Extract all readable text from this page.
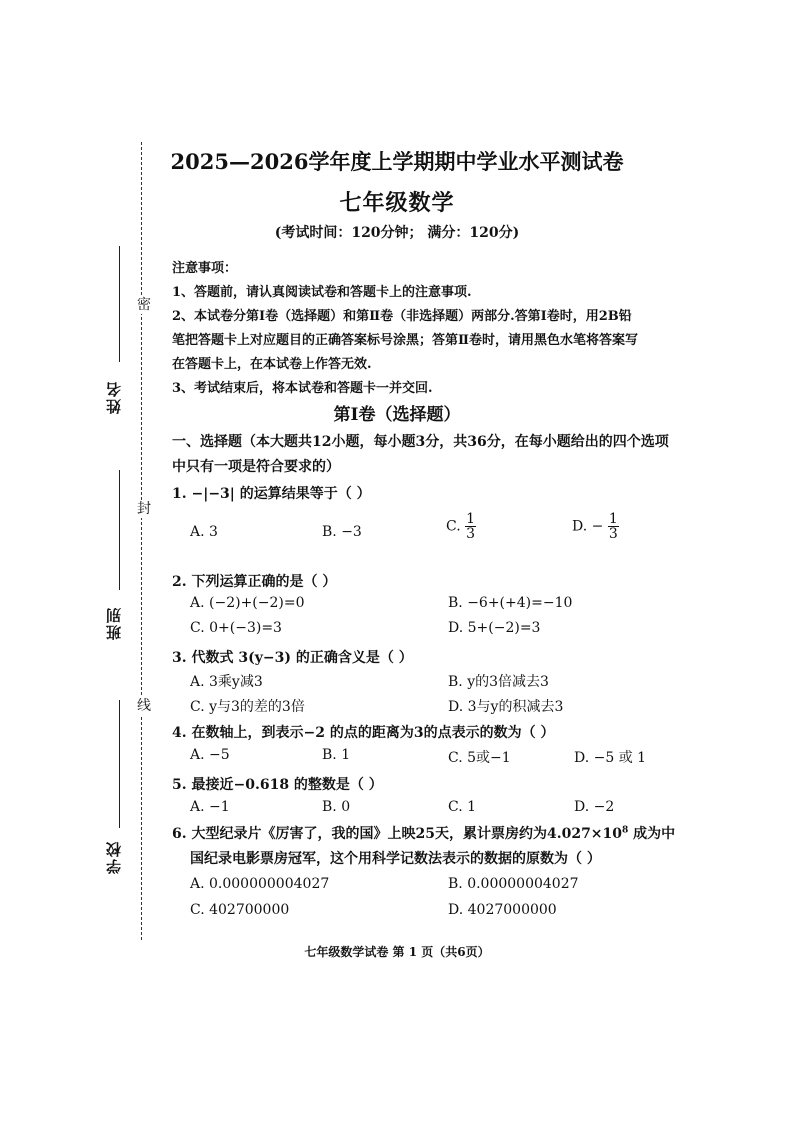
密
封
线
姓名
班别
学校
2025—2026学年度上学期期中学业水平测试卷
七年级数学
(考试时间：120分钟； 满分：120分)
注意事项：
1、答题前，请认真阅读试卷和答题卡上的注意事项.
2、本试卷分第Ⅰ卷（选择题）和第Ⅱ卷（非选择题）两部分.答第Ⅰ卷时，用2B铅
笔把答题卡上对应题目的正确答案标号涂黑；答第Ⅱ卷时，请用黑色水笔将答案写
在答题卡上，在本试卷上作答无效.
3、考试结束后，将本试卷和答题卡一并交回.
第Ⅰ卷（选择题）
一、选择题（本大题共12小题，每小题3分，共36分，在每小题给出的四个选项
中只有一项是符合要求的）
1. −|−3| 的运算结果等于（ ）
A. 3	B. −3	C. $\frac{1}{3}$	D. − $\frac{1}{3}$
2. 下列运算正确的是（ ）
A. (−2)+(−2)=0	B. −6+(+4)=−10
C. 0+(−3)=3	D. 5+(−2)=3
3. 代数式 3(y−3) 的正确含义是（ ）
A. 3乘y减3	B. y的3倍减去3
C. y与3的差的3倍	D. 3与y的积减去3
4. 在数轴上，到表示−2 的点的距离为3的点表示的数为（ ）
A. −5	B. 1	C. 5或−1	D. −5 或 1
5. 最接近−0.618 的整数是（ ）
A. −1	B. 0	C. 1	D. −2
6. 大型纪录片《厉害了，我的国》上映25天，累计票房约为$4.027\times 10^8$ 成为中
国纪录电影票房冠军，这个用科学记数法表示的数据的原数为（ ）
A. 0.000000004027	B. 0.00000004027
C. 402700000	D. 4027000000
七年级数学试卷 第 1 页（共6页）
